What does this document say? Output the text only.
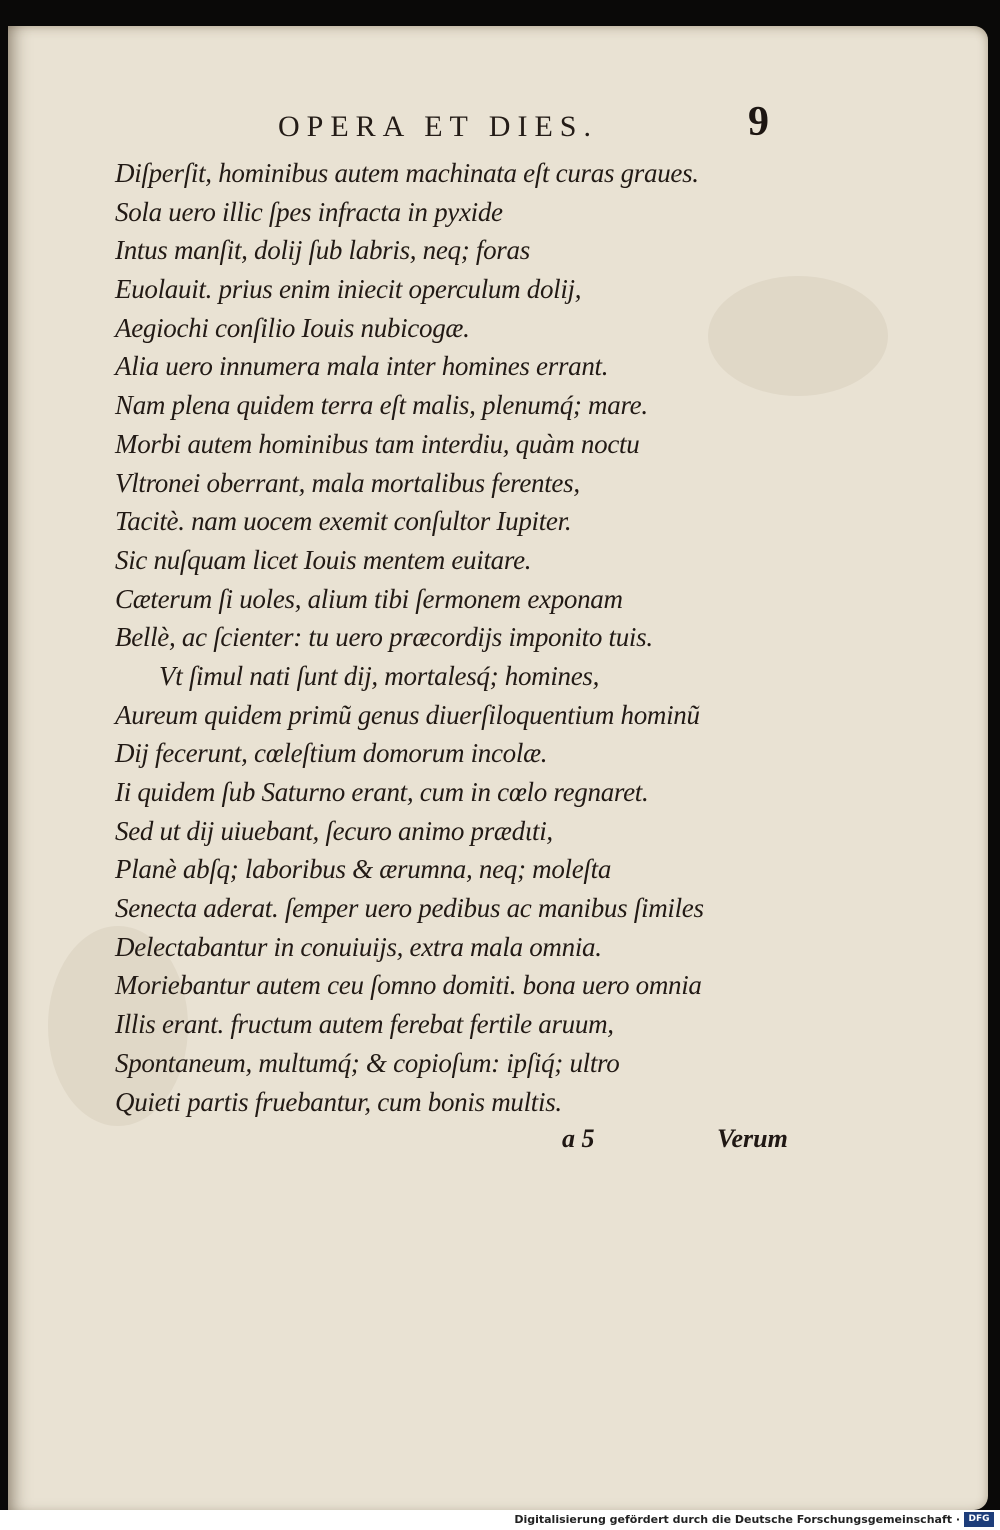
OPERA ET DIES.	9
Diſperſit, hominibus autem machinata eſt curas graues.
Sola uero illic ſpes infracta in pyxide
Intus manſit, dolij ſub labris, neq; foras
Euolauit. prius enim iniecit operculum dolij,
Aegiochi conſilio Iouis nubicogæ.
Alia uero innumera mala inter homines errant.
Nam plena quidem terra eſt malis, plenumq́; mare.
Morbi autem hominibus tam interdiu, quàm noctu
Vltronei oberrant, mala mortalibus ferentes,
Tacitè. nam uocem exemit conſultor Iupiter.
Sic nuſquam licet Iouis mentem euitare.
Cæterum ſi uoles, alium tibi ſermonem exponam
Bellè, ac ſcienter: tu uero præcordijs imponito tuis.
Vt ſimul nati ſunt dij, mortalesq́; homines,
Aureum quidem primũ genus diuerſiloquentium hominũ
Dij fecerunt, cœleſtium domorum incolæ.
Ii quidem ſub Saturno erant, cum in cœlo regnaret.
Sed ut dij uiuebant, ſecuro animo prædιti,
Planè abſq; laboribus & ærumna, neq; moleſta
Senecta aderat. ſemper uero pedibus ac manibus ſimiles
Delectabantur in conuiuijs, extra mala omnia.
Moriebantur autem ceu ſomno domiti. bona uero omnia
Illis erant. fructum autem ferebat fertile aruum,
Spontaneum, multumq́; & copioſum: ipſiq́; ultro
Quieti partis fruebantur, cum bonis multis.
a 5	Verum
Digitalisierung gefördert durch die Deutsche Forschungsgemeinschaft · DFG
